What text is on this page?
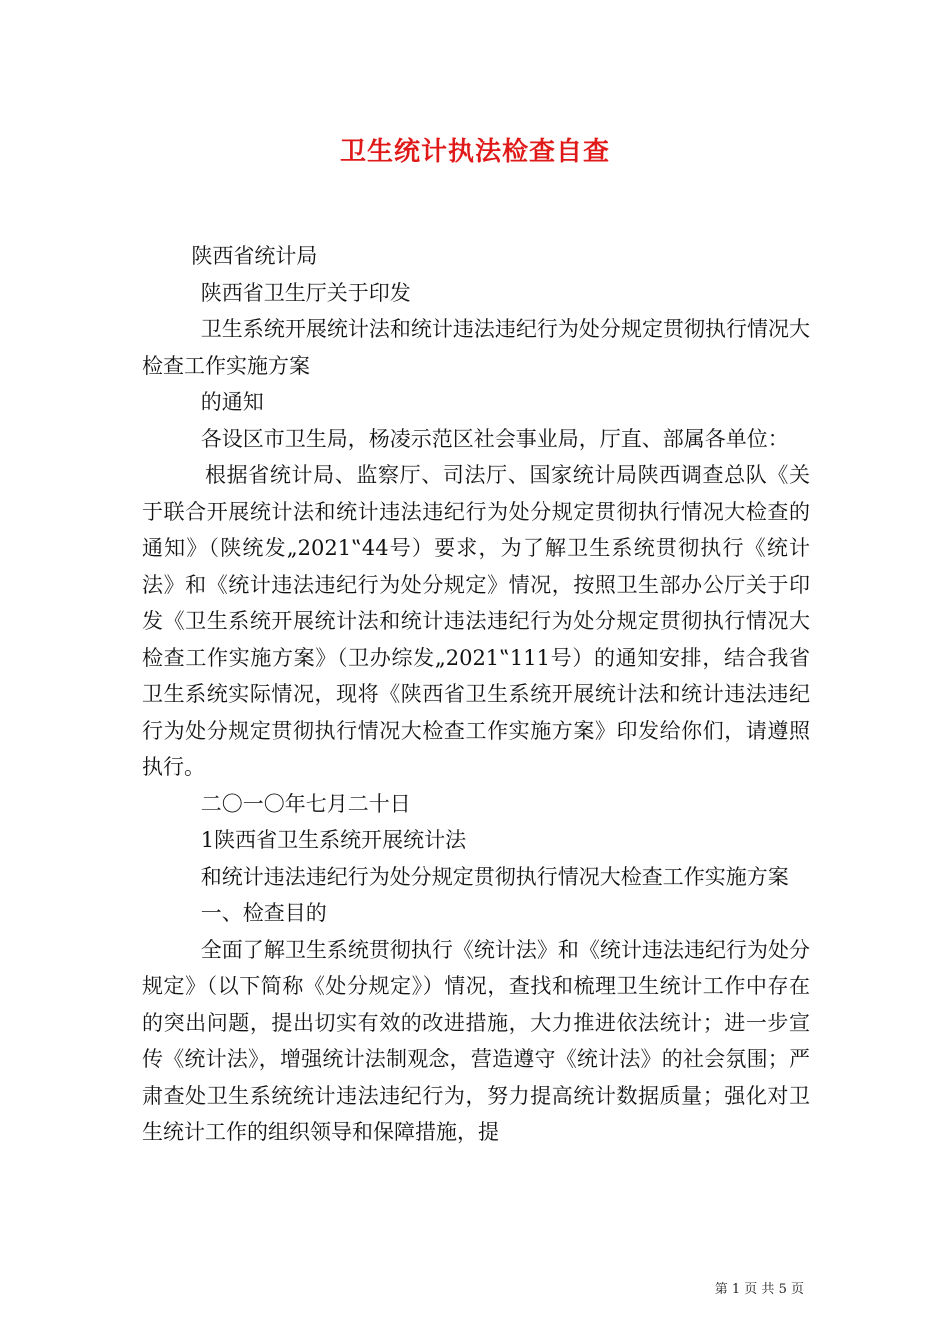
卫生统计执法检查自查

陕西省统计局

陕西省卫生厅关于印发

卫生系统开展统计法和统计违法违纪行为处分规定贯彻执行情况大检查工作实施方案

的通知

各设区市卫生局，杨凌示范区社会事业局，厅直、部属各单位：

根据省统计局、监察厅、司法厅、国家统计局陕西调查总队《关于联合开展统计法和统计违法违纪行为处分规定贯彻执行情况大检查的通知》（陕统发„2021‟44号）要求，为了解卫生系统贯彻执行《统计法》和《统计违法违纪行为处分规定》情况，按照卫生部办公厅关于印发《卫生系统开展统计法和统计违法违纪行为处分规定贯彻执行情况大检查工作实施方案》（卫办综发„2021‟111号）的通知安排，结合我省卫生系统实际情况，现将《陕西省卫生系统开展统计法和统计违法违纪行为处分规定贯彻执行情况大检查工作实施方案》印发给你们，请遵照执行。

二〇一〇年七月二十日

1陕西省卫生系统开展统计法

和统计违法违纪行为处分规定贯彻执行情况大检查工作实施方案

一、检查目的

全面了解卫生系统贯彻执行《统计法》和《统计违法违纪行为处分规定》（以下简称《处分规定》）情况，查找和梳理卫生统计工作中存在的突出问题，提出切实有效的改进措施，大力推进依法统计；进一步宣传《统计法》，增强统计法制观念，营造遵守《统计法》的社会氛围；严肃查处卫生系统统计违法违纪行为，努力提高统计数据质量；强化对卫生统计工作的组织领导和保障措施，提

第 1 页 共 5 页
